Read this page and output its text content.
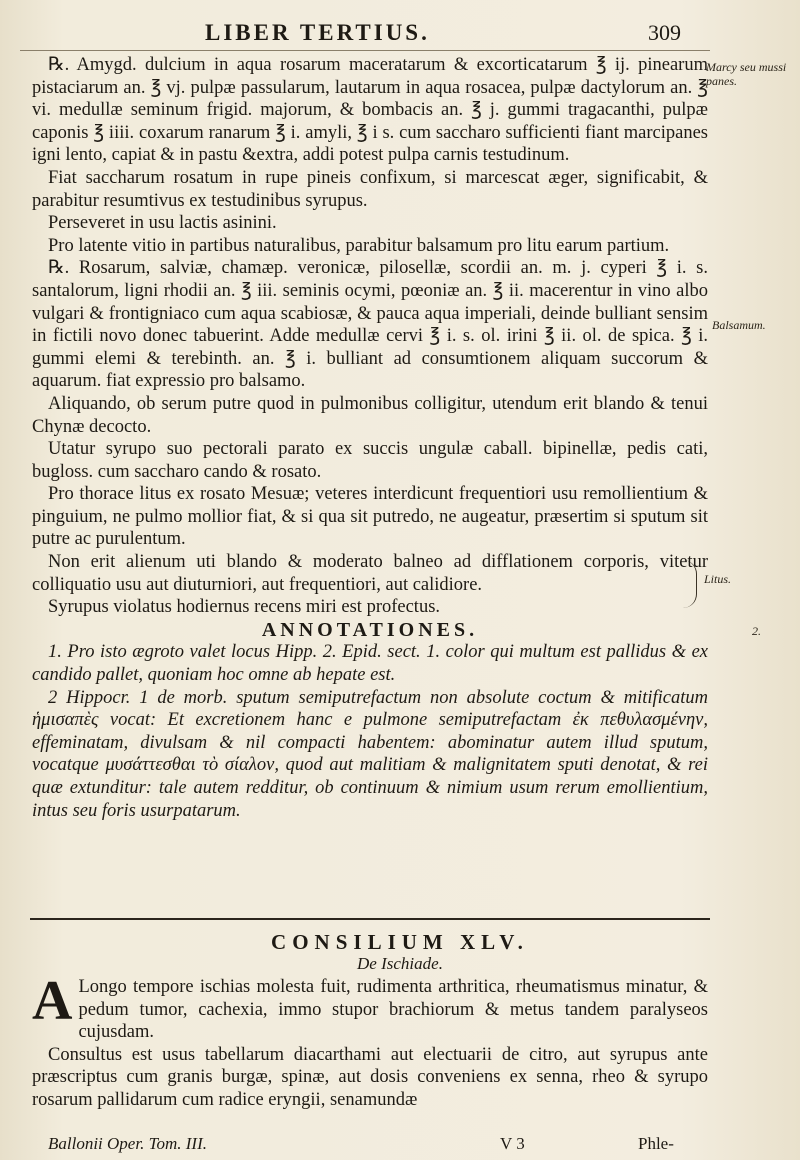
LIBER TERTIUS.	309
Marcy seu mussi panes.
Balsamum.
Litus.
2.

℞. Amygd. dulcium in aqua rosarum maceratarum & excorticatarum ℥ ij. pinearum pistaciarum an. ℥ vj. pulpæ passularum, lautarum in aqua rosacea, pulpæ dactylorum an. ℥ vi. medullæ seminum frigid. majorum, & bombacis an. ℥ j. gummi tragacanthi, pulpæ caponis ℥ iiii. coxarum ranarum ℥ i. amyli, ℥ i s. cum saccharo sufficienti fiant marcipanes igni lento, capiat & in pastu &extra, addi potest pulpa carnis testudinum.

Fiat saccharum rosatum in rupe pineis confixum, si marcescat æger, significabit, & parabitur resumtivus ex testudinibus syrupus.

Perseveret in usu lactis asinini.

Pro latente vitio in partibus naturalibus, parabitur balsamum pro litu earum partium.

℞. Rosarum, salviæ, chamæp. veronicæ, pilosellæ, scordii an. m. j. cyperi ℥ i. s. santalorum, ligni rhodii an. ℥ iii. seminis ocymi, pœoniæ an. ℥ ii. macerentur in vino albo vulgari & frontigniaco cum aqua scabiosæ, & pauca aqua imperiali, deinde bulliant sensim in fictili novo donec tabuerint. Adde medullæ cervi ℥ i. s. ol. irini ℥ ii. ol. de spica. ℥ i. gummi elemi & terebinth. an. ℥ i. bulliant ad consumtionem aliquam succorum & aquarum. fiat expressio pro balsamo.

Aliquando, ob serum putre quod in pulmonibus colligitur, utendum erit blando & tenui Chynæ decocto.

Utatur syrupo suo pectorali parato ex succis ungulæ caball. bipinellæ, pedis cati, bugloss. cum saccharo cando & rosato.

Pro thorace litus ex rosato Mesuæ; veteres interdicunt frequentiori usu remollientium & pinguium, ne pulmo mollior fiat, & si qua sit putredo, ne augeatur, præsertim si sputum sit putre ac purulentum.

Non erit alienum uti blando & moderato balneo ad difflationem corporis, vitetur colliquatio usu aut diuturniori, aut frequentiori, aut calidiore.

Syrupus violatus hodiernus recens miri est profectus.

ANNOTATIONES.

1. Pro isto ægroto valet locus Hipp. 2. Epid. sect. 1. color qui multum est pallidus & ex candido pallet, quoniam hoc omne ab hepate est.

2 Hippocr. 1 de morb. sputum semiputrefactum non absolute coctum & mitificatum ἡμισαπὲς vocat: Et excretionem hanc e pulmone semiputrefactam ἐκ πεθυλασμένην, effeminatam, divulsam & nil compacti habentem: abominatur autem illud sputum, vocatque μυσάττεσθαι τὸ σίαλον, quod aut malitiam & malignitatem sputi denotat, & rei quæ extunditur: tale autem redditur, ob continuum & nimium usum rerum emollientium, intus seu foris usurpatarum.

CONSILIUM XLV.
De Ischiade.

A Longo tempore ischias molesta fuit, rudimenta arthritica, rheumatismus minatur, & pedum tumor, cachexia, immo stupor brachiorum & metus tandem paralyseos cujusdam.

Consultus est usus tabellarum diacarthami aut electuarii de citro, aut syrupus ante præscriptus cum granis burgæ, spinæ, aut dosis conveniens ex senna, rheo & syrupo rosarum pallidarum cum radice eryngii, senamundæ

Ballonii Oper. Tom. III.	V 3	Phle-
